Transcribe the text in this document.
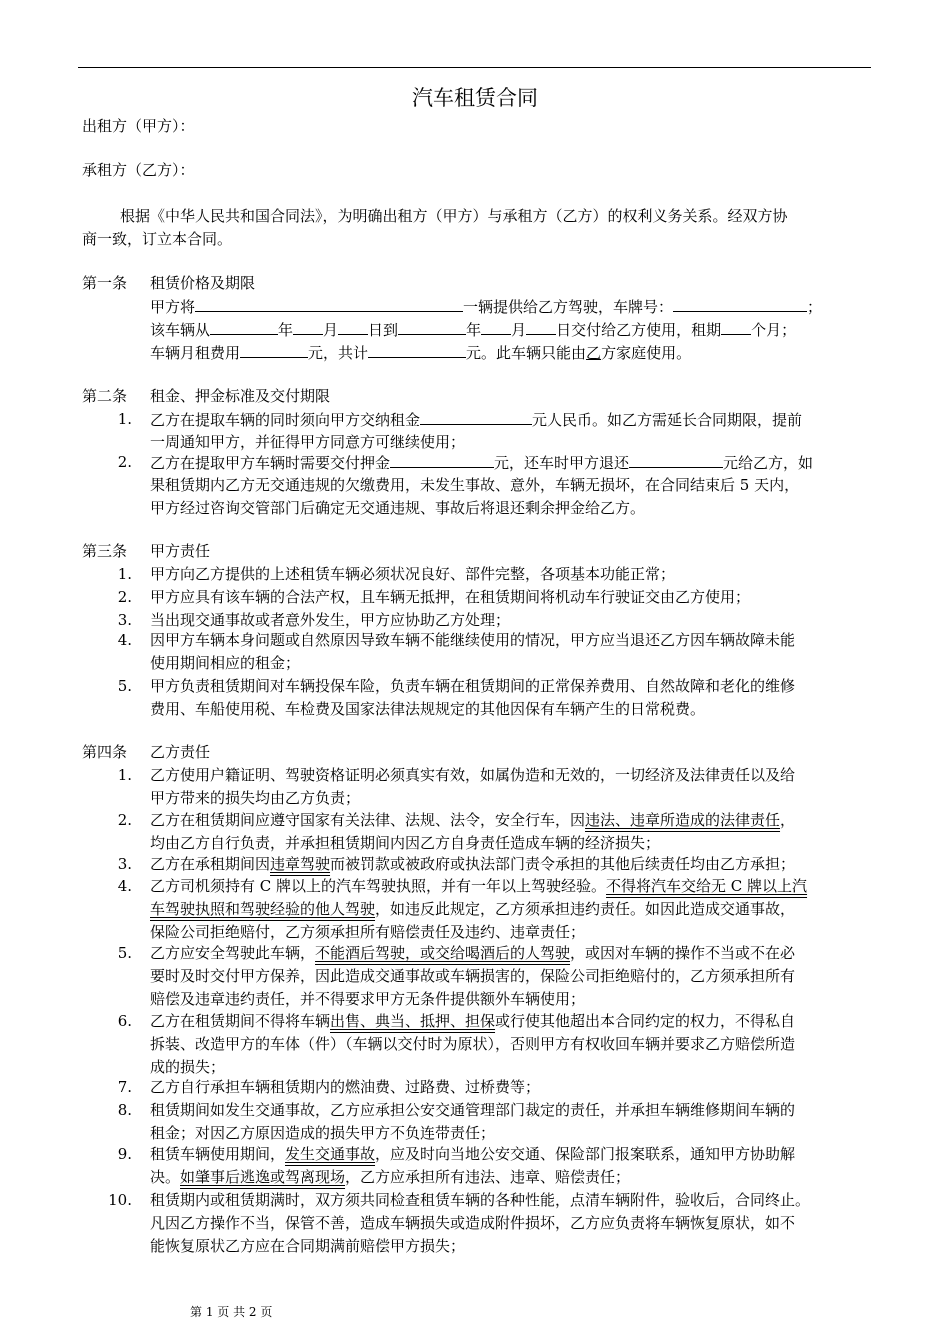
汽车租赁合同
出租方（甲方）：
承租方（乙方）：
根据《中华人民共和国合同法》，为明确出租方（甲方）与承租方（乙方）的权利义务关系。经双方协
商一致，订立本合同。
第一条 租赁价格及期限
甲方将	一辆提供给乙方驾驶，车牌号：	；
该车辆从	年 月 日到	年 月 日交付给乙方使用，租期 个月；
车辆月租费用	元，共计	元。此车辆只能由乙方家庭使用。
第二条 租金、押金标准及交付期限
1. 乙方在提取车辆的同时须向甲方交纳租金	元人民币。如乙方需延长合同期限，提前
一周通知甲方，并征得甲方同意方可继续使用；
2. 乙方在提取甲方车辆时需要交付押金	元，还车时甲方退还	元给乙方，如
果租赁期内乙方无交通违规的欠缴费用，未发生事故、意外，车辆无损坏，在合同结束后 5 天内，
甲方经过咨询交管部门后确定无交通违规、事故后将退还剩余押金给乙方。
第三条 甲方责任
1. 甲方向乙方提供的上述租赁车辆必须状况良好、部件完整，各项基本功能正常；
2. 甲方应具有该车辆的合法产权，且车辆无抵押，在租赁期间将机动车行驶证交由乙方使用；
3. 当出现交通事故或者意外发生，甲方应协助乙方处理；
4. 因甲方车辆本身问题或自然原因导致车辆不能继续使用的情况，甲方应当退还乙方因车辆故障未能
使用期间相应的租金；
5. 甲方负责租赁期间对车辆投保车险，负责车辆在租赁期间的正常保养费用、自然故障和老化的维修
费用、车船使用税、车检费及国家法律法规规定的其他因保有车辆产生的日常税费。
第四条 乙方责任
1. 乙方使用户籍证明、驾驶资格证明必须真实有效，如属伪造和无效的，一切经济及法律责任以及给
甲方带来的损失均由乙方负责；
2. 乙方在租赁期间应遵守国家有关法律、法规、法令，安全行车，因违法、违章所造成的法律责任，
均由乙方自行负责，并承担租赁期间内因乙方自身责任造成车辆的经济损失；
3. 乙方在承租期间因违章驾驶而被罚款或被政府或执法部门责令承担的其他后续责任均由乙方承担；
4. 乙方司机须持有 C 牌以上的汽车驾驶执照，并有一年以上驾驶经验。不得将汽车交给无 C 牌以上汽
车驾驶执照和驾驶经验的他人驾驶，如违反此规定，乙方须承担违约责任。如因此造成交通事故，
保险公司拒绝赔付，乙方须承担所有赔偿责任及违约、违章责任；
5. 乙方应安全驾驶此车辆，不能酒后驾驶，或交给喝酒后的人驾驶，或因对车辆的操作不当或不在必
要时及时交付甲方保养，因此造成交通事故或车辆损害的，保险公司拒绝赔付的，乙方须承担所有
赔偿及违章违约责任，并不得要求甲方无条件提供额外车辆使用；
6. 乙方在租赁期间不得将车辆出售、典当、抵押、担保或行使其他超出本合同约定的权力，不得私自
拆装、改造甲方的车体（件）（车辆以交付时为原状），否则甲方有权收回车辆并要求乙方赔偿所造
成的损失；
7. 乙方自行承担车辆租赁期内的燃油费、过路费、过桥费等；
8. 租赁期间如发生交通事故，乙方应承担公安交通管理部门裁定的责任，并承担车辆维修期间车辆的
租金；对因乙方原因造成的损失甲方不负连带责任；
9. 租赁车辆使用期间，发生交通事故，应及时向当地公安交通、保险部门报案联系，通知甲方协助解
决。如肇事后逃逸或驾离现场，乙方应承担所有违法、违章、赔偿责任；
10. 租赁期内或租赁期满时，双方须共同检查租赁车辆的各种性能，点清车辆附件，验收后，合同终止。
凡因乙方操作不当，保管不善，造成车辆损失或造成附件损坏，乙方应负责将车辆恢复原状，如不
能恢复原状乙方应在合同期满前赔偿甲方损失；
第 1 页 共 2 页
